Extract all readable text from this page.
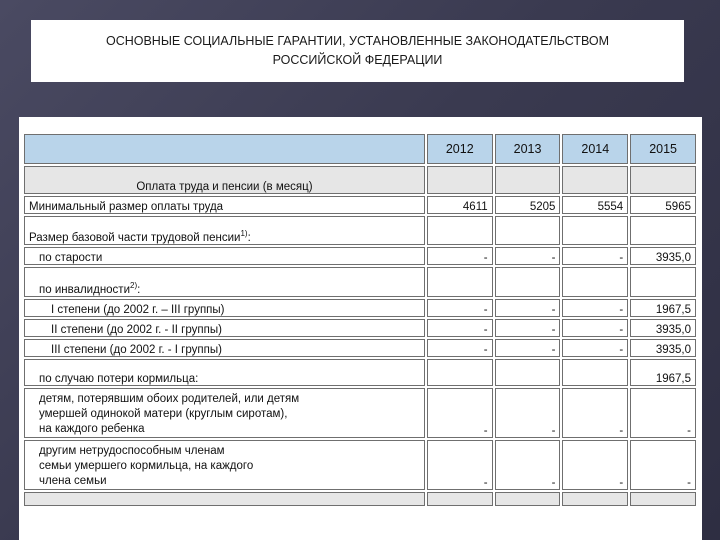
ОСНОВНЫЕ СОЦИАЛЬНЫЕ ГАРАНТИИ, УСТАНОВЛЕННЫЕ ЗАКОНОДАТЕЛЬСТВОМ
РОССИЙСКОЙ ФЕДЕРАЦИИ
	2012	2013	2014	2015
Оплата труда и пенсии (в месяц)				
Минимальный размер оплаты труда	4611	5205	5554	5965
Размер базовой части трудовой пенсии$^{1)}$:				
по старости	-	-	-	3935,0
по инвалидности$^{2)}$:				
I степени (до 2002 г. – III группы)	-	-	-	1967,5
II степени (до 2002 г. - II группы)	-	-	-	3935,0
III степени (до 2002 г. - I группы)	-	-	-	3935,0
по случаю потери кормильца:				1967,5

детям, потерявшим обоих родителей, или детям
умершей одинокой матери (круглым сиротам),
на каждого ребенка	-	-	-	-

другим нетрудоспособным членам
семьи умершего кормильца, на каждого
члена семьи	-	-	-	-
